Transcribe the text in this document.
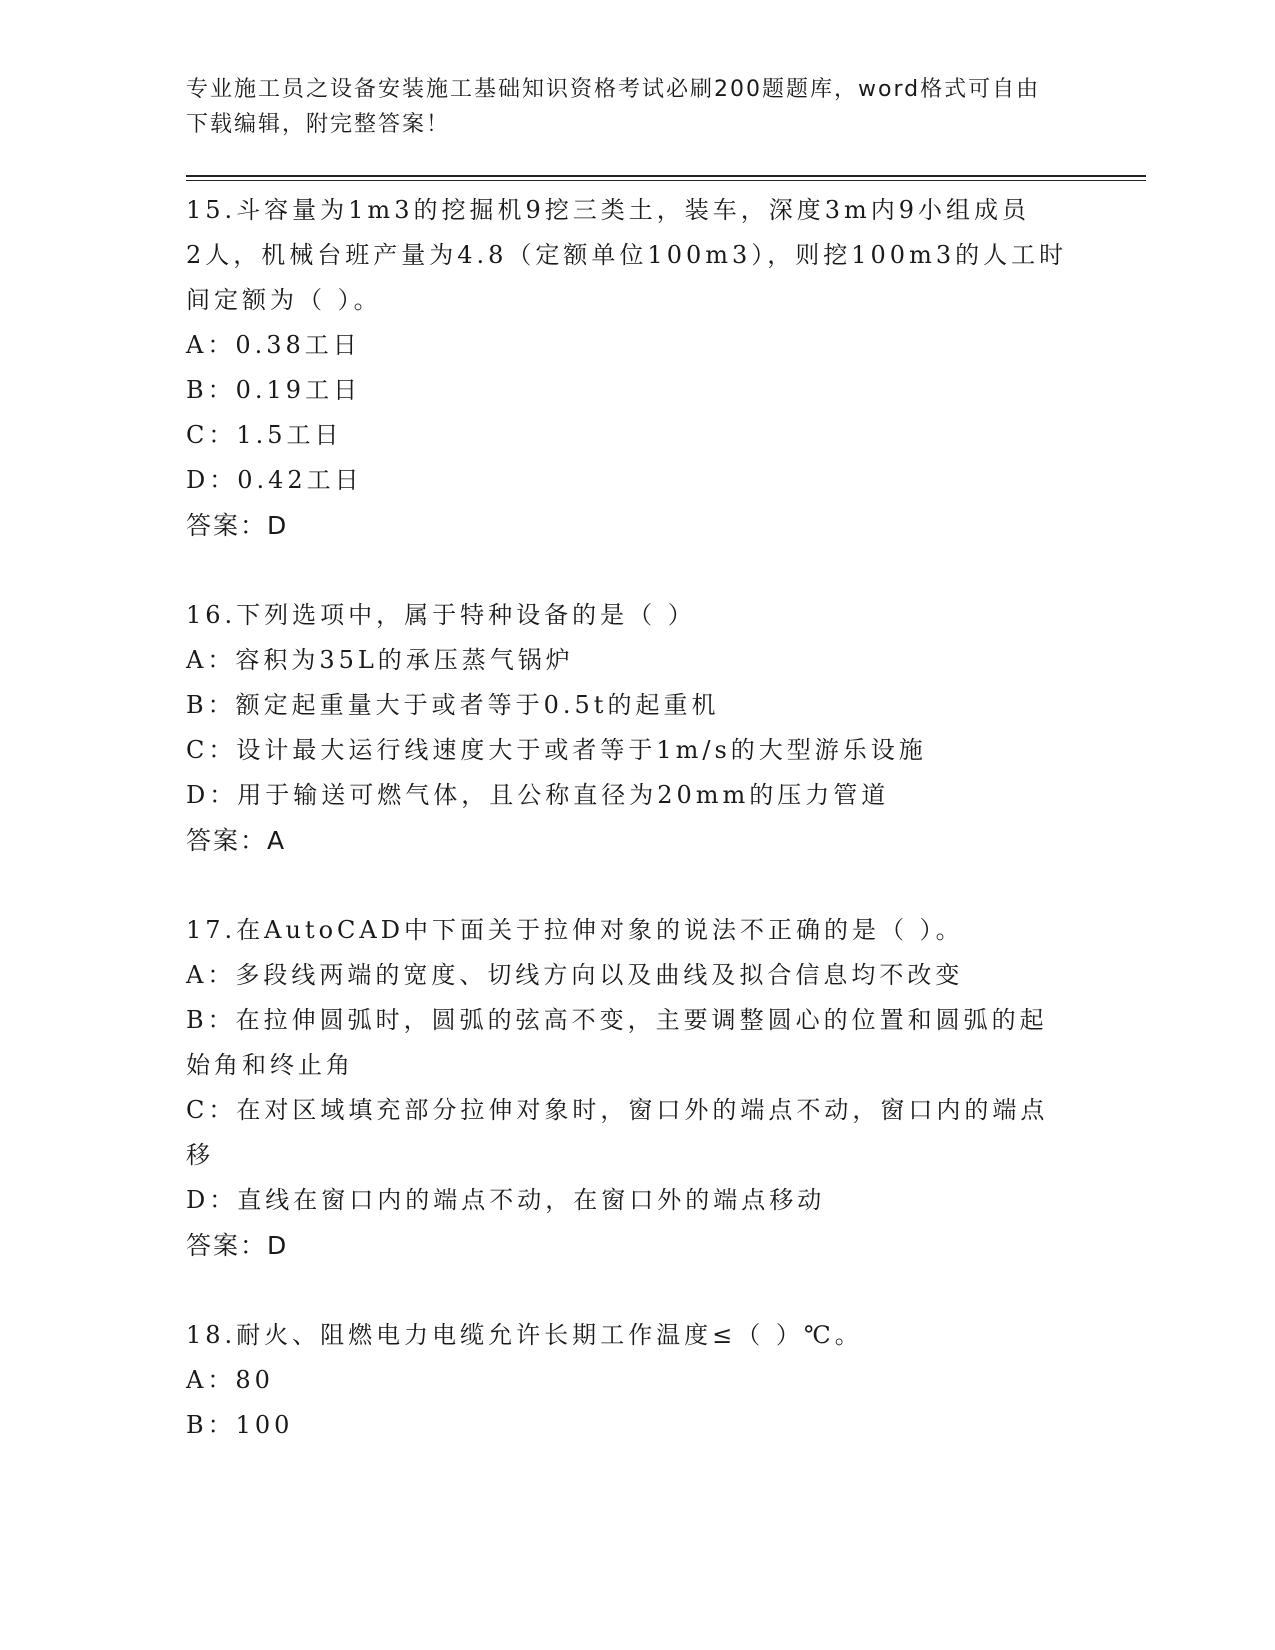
专业施工员之设备安装施工基础知识资格考试必刷200题题库，word格式可自由
下载编辑，附完整答案！
15.斗容量为1m3的挖掘机9挖三类土，装车，深度3m内9小组成员
2人，机械台班产量为4.8（定额单位100m3），则挖100m3的人工时
间定额为（ ）。
A：0.38工日
B：0.19工日
C：1.5工日
D：0.42工日
答案：D
16.下列选项中，属于特种设备的是（ ）
A：容积为35L的承压蒸气锅炉
B：额定起重量大于或者等于0.5t的起重机
C：设计最大运行线速度大于或者等于1m/s的大型游乐设施
D：用于输送可燃气体，且公称直径为20mm的压力管道
答案：A
17.在AutoCAD中下面关于拉伸对象的说法不正确的是（ ）。
A：多段线两端的宽度、切线方向以及曲线及拟合信息均不改变
B：在拉伸圆弧时，圆弧的弦高不变，主要调整圆心的位置和圆弧的起
始角和终止角
C：在对区域填充部分拉伸对象时，窗口外的端点不动，窗口内的端点
移
D：直线在窗口内的端点不动，在窗口外的端点移动
答案：D
18.耐火、阻燃电力电缆允许长期工作温度≤（ ）℃。
A：80
B：100
